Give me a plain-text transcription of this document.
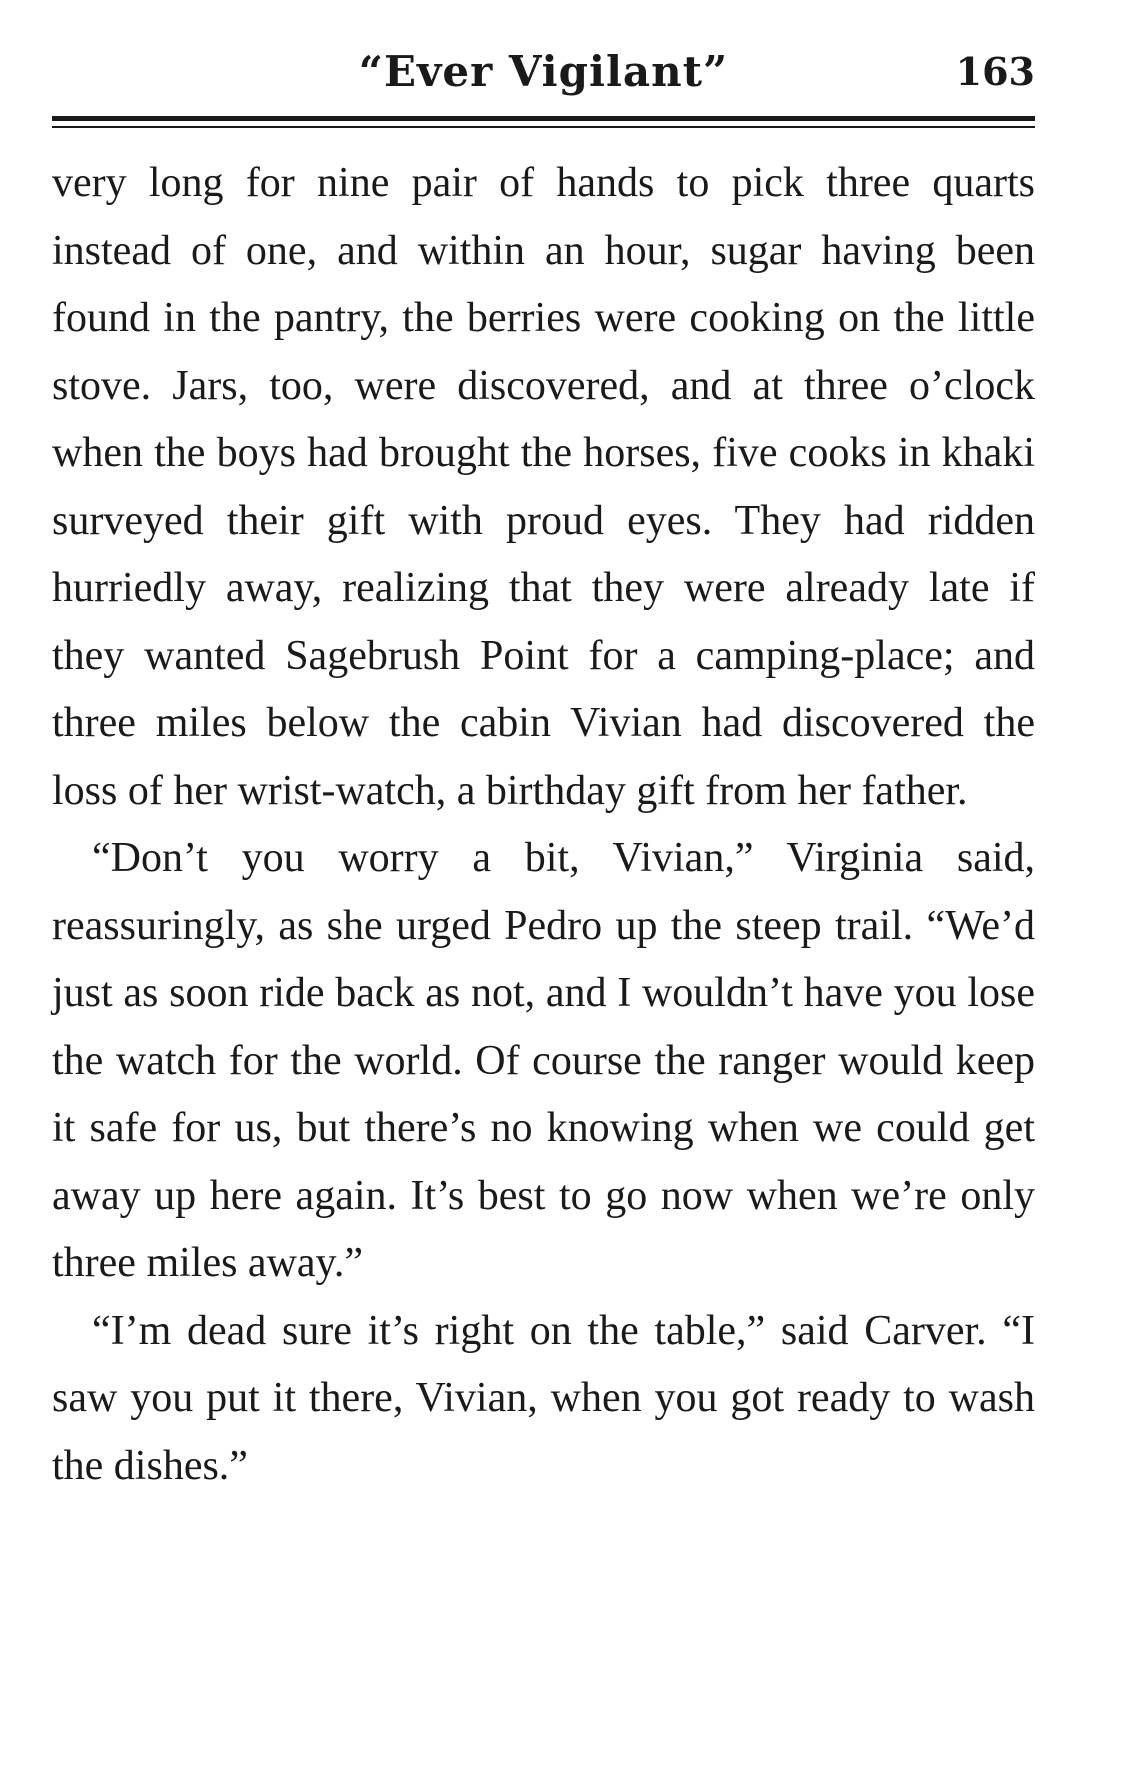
“Ever Vigilant”	163

very long for nine pair of hands to pick three quarts instead of one, and within an hour, sugar having been found in the pantry, the berries were cooking on the little stove. Jars, too, were discovered, and at three o’clock when the boys had brought the horses, five cooks in khaki surveyed their gift with proud eyes. They had ridden hurriedly away, realizing that they were already late if they wanted Sagebrush Point for a camping-place; and three miles below the cabin Vivian had discovered the loss of her wrist-watch, a birthday gift from her father.

“Don’t you worry a bit, Vivian,” Virginia said, reassuringly, as she urged Pedro up the steep trail. “We’d just as soon ride back as not, and I wouldn’t have you lose the watch for the world. Of course the ranger would keep it safe for us, but there’s no knowing when we could get away up here again. It’s best to go now when we’re only three miles away.”

“I’m dead sure it’s right on the table,” said Carver. “I saw you put it there, Vivian, when you got ready to wash the dishes.”
